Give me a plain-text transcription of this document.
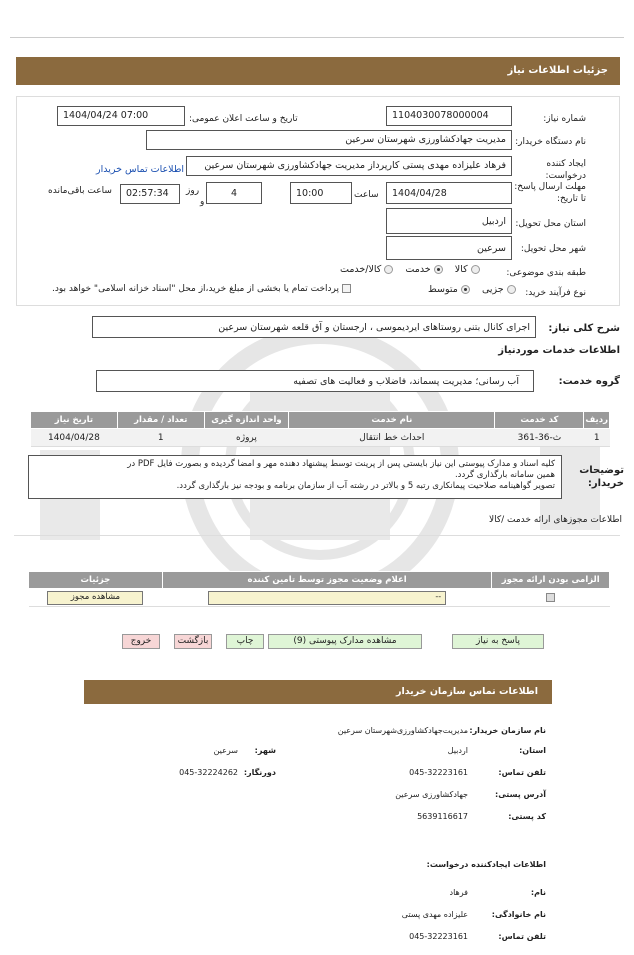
جزئیات اطلاعات نیاز
شماره نیاز:
1104030078000004
تاریخ و ساعت اعلان عمومی:
1404/04/24 07:00
نام دستگاه خریدار:
مدیریت جهادکشاورزی شهرستان سرعین
ایجاد کننده درخواست:
فرهاد علیزاده مهدی پستی کارپرداز مدیریت جهادکشاورزی شهرستان سرعین
اطلاعات تماس خریدار
مهلت ارسال پاسخ: تا تاریخ:
1404/04/28
ساعت
10:00
4
روز
و
02:57:34
ساعت باقی‌مانده
استان محل تحویل:
اردبیل
شهر محل تحویل:
سرعین
طبقه بندی موضوعی:
کالا    خدمت    کالا/خدمت
نوع فرآیند خرید:
جزیی    متوسط
پرداخت تمام یا بخشی از مبلغ خرید،از محل "اسناد خزانه اسلامی" خواهد بود.
شرح کلی نیاز:
اجرای کانال بتنی روستاهای ایردیموسی ، ارجستان و آق قلعه شهرستان سرعین
اطلاعات خدمات موردنیاز
گروه خدمت:
آب رسانی؛ مدیریت پسماند، فاضلاب و فعالیت های تصفیه
ردیف	کد خدمت	نام خدمت	واحد اندازه گیری	تعداد / مقدار	تاریخ نیاز
1	ث-36-361	احداث خط انتقال	پروژه	1	1404/04/28
توضیحات خریدار:
کلیه اسناد و مدارک پیوستی این نیاز بایستی پس از پرینت توسط پیشنهاد دهنده مهر و امضا گردیده و بصورت فایل PDF در
همین سامانه بارگذاری گردد.
تصویر گواهینامه صلاحیت پیمانکاری رتبه 5 و بالاتر در رشته آب از سازمان برنامه و بودجه نیز بارگذاری گردد.
اطلاعات مجوزهای ارائه خدمت /کالا
الزامی بودن ارائه مجوز	اعلام وضعیت مجوز توسط تامین کننده	جزئیات

	--	مشاهده مجوز
پاسخ به نیاز
مشاهده مدارک پیوستی (9)
چاپ
بازگشت
خروج
اطلاعات تماس سازمان خریدار
نام سازمان خریدار:
مدیریت‌جهادکشاورزی‌شهرستان سرعین
استان:
اردبیل
شهر:
سرعین
تلفن تماس:
045-32223161
دورنگار:
045-32224262
آدرس پستی:
جهادکشاورزی سرعین
کد پستی:
5639116617
اطلاعات ایجادکننده درخواست:
نام:
فرهاد
نام خانوادگی:
علیزاده مهدی پستی
تلفن تماس:
045-32223161
